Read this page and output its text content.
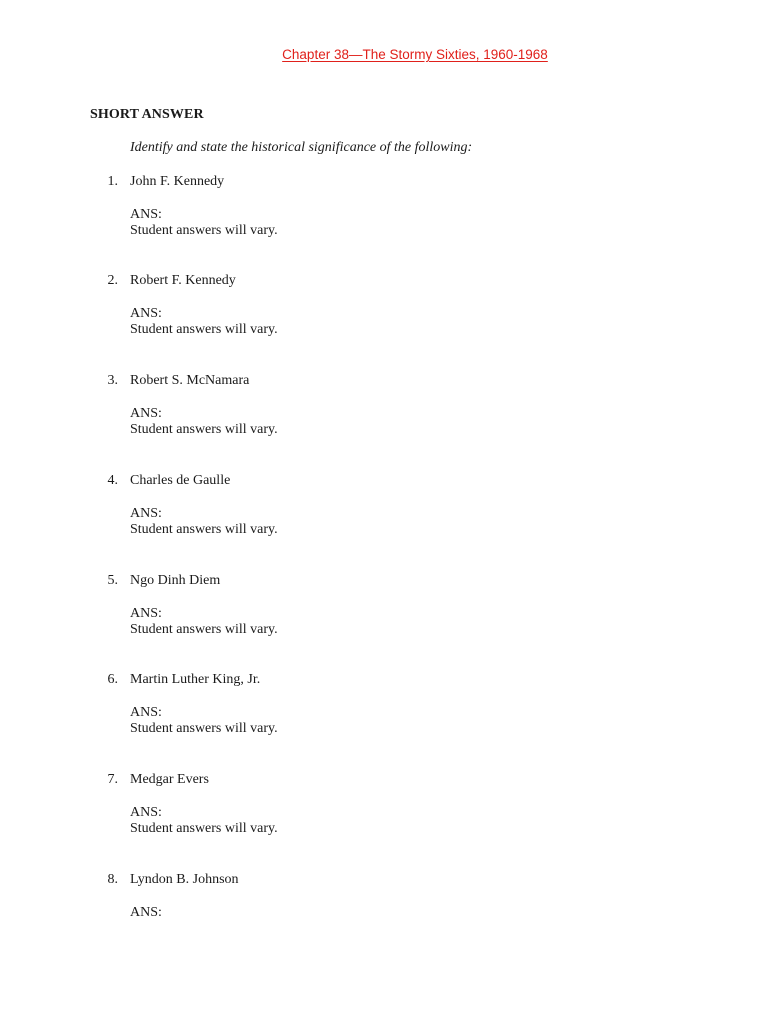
Chapter 38—The Stormy Sixties, 1960-1968
SHORT ANSWER
Identify and state the historical significance of the following:
1. John F. Kennedy
ANS:
Student answers will vary.
2. Robert F. Kennedy
ANS:
Student answers will vary.
3. Robert S. McNamara
ANS:
Student answers will vary.
4. Charles de Gaulle
ANS:
Student answers will vary.
5. Ngo Dinh Diem
ANS:
Student answers will vary.
6. Martin Luther King, Jr.
ANS:
Student answers will vary.
7. Medgar Evers
ANS:
Student answers will vary.
8. Lyndon B. Johnson
ANS:
